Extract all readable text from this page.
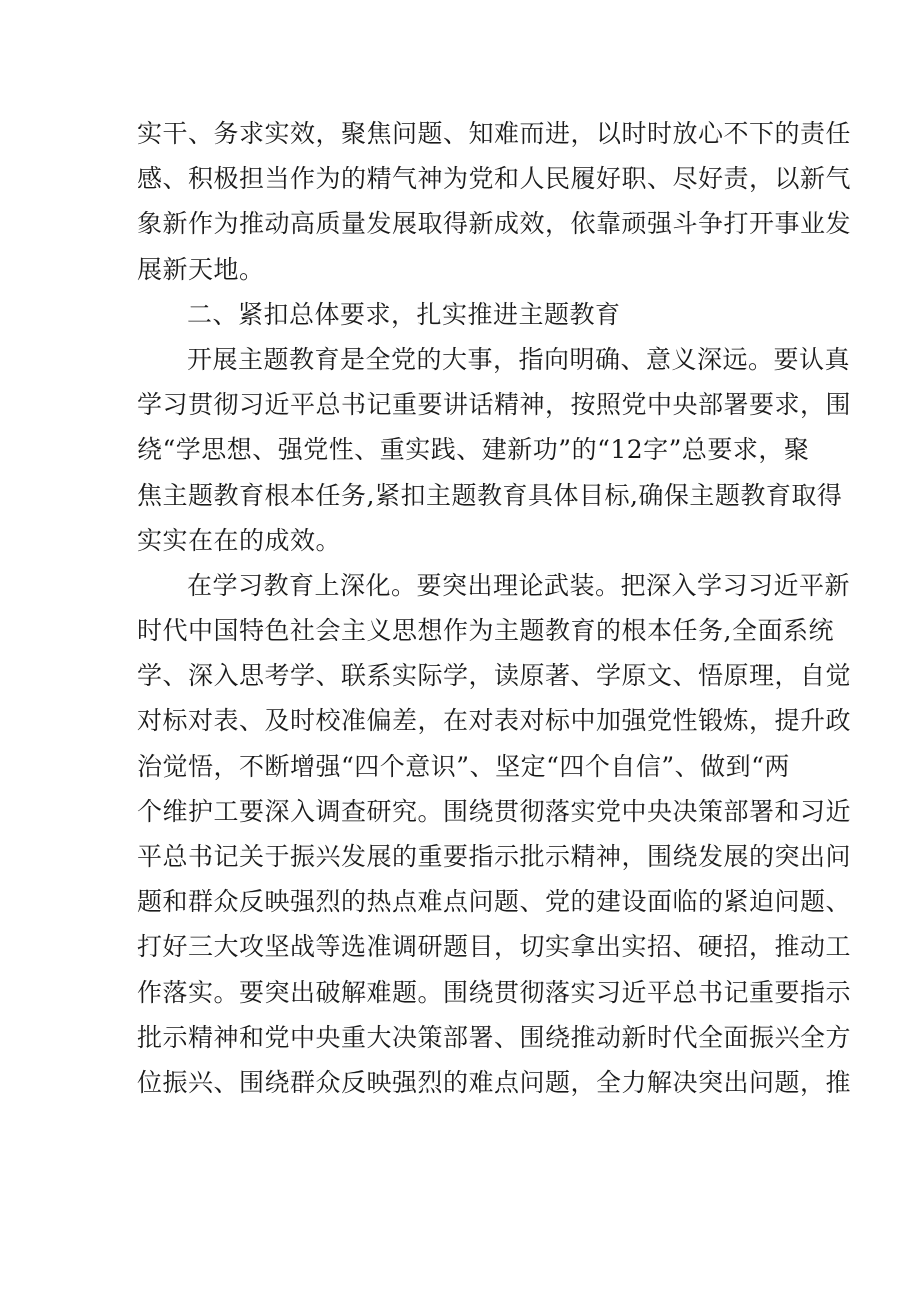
实干、务求实效，聚焦问题、知难而进，以时时放心不下的责任
感、积极担当作为的精气神为党和人民履好职、尽好责，以新气
象新作为推动高质量发展取得新成效，依靠顽强斗争打开事业发
展新天地。
二、紧扣总体要求，扎实推进主题教育
开展主题教育是全党的大事，指向明确、意义深远。要认真
学习贯彻习近平总书记重要讲话精神，按照党中央部署要求，围
绕“学思想、强党性、重实践、建新功”的“12字”总要求，聚
焦主题教育根本任务,紧扣主题教育具体目标,确保主题教育取得
实实在在的成效。
在学习教育上深化。要突出理论武装。把深入学习习近平新
时代中国特色社会主义思想作为主题教育的根本任务,全面系统
学、深入思考学、联系实际学，读原著、学原文、悟原理，自觉
对标对表、及时校准偏差，在对表对标中加强党性锻炼，提升政
治觉悟，不断增强“四个意识”、坚定“四个自信”、做到“两
个维护工要深入调查研究。围绕贯彻落实党中央决策部署和习近
平总书记关于振兴发展的重要指示批示精神，围绕发展的突出问
题和群众反映强烈的热点难点问题、党的建设面临的紧迫问题、
打好三大攻坚战等选准调研题目，切实拿出实招、硬招，推动工
作落实。要突出破解难题。围绕贯彻落实习近平总书记重要指示
批示精神和党中央重大决策部署、围绕推动新时代全面振兴全方
位振兴、围绕群众反映强烈的难点问题，全力解决突出问题，推
